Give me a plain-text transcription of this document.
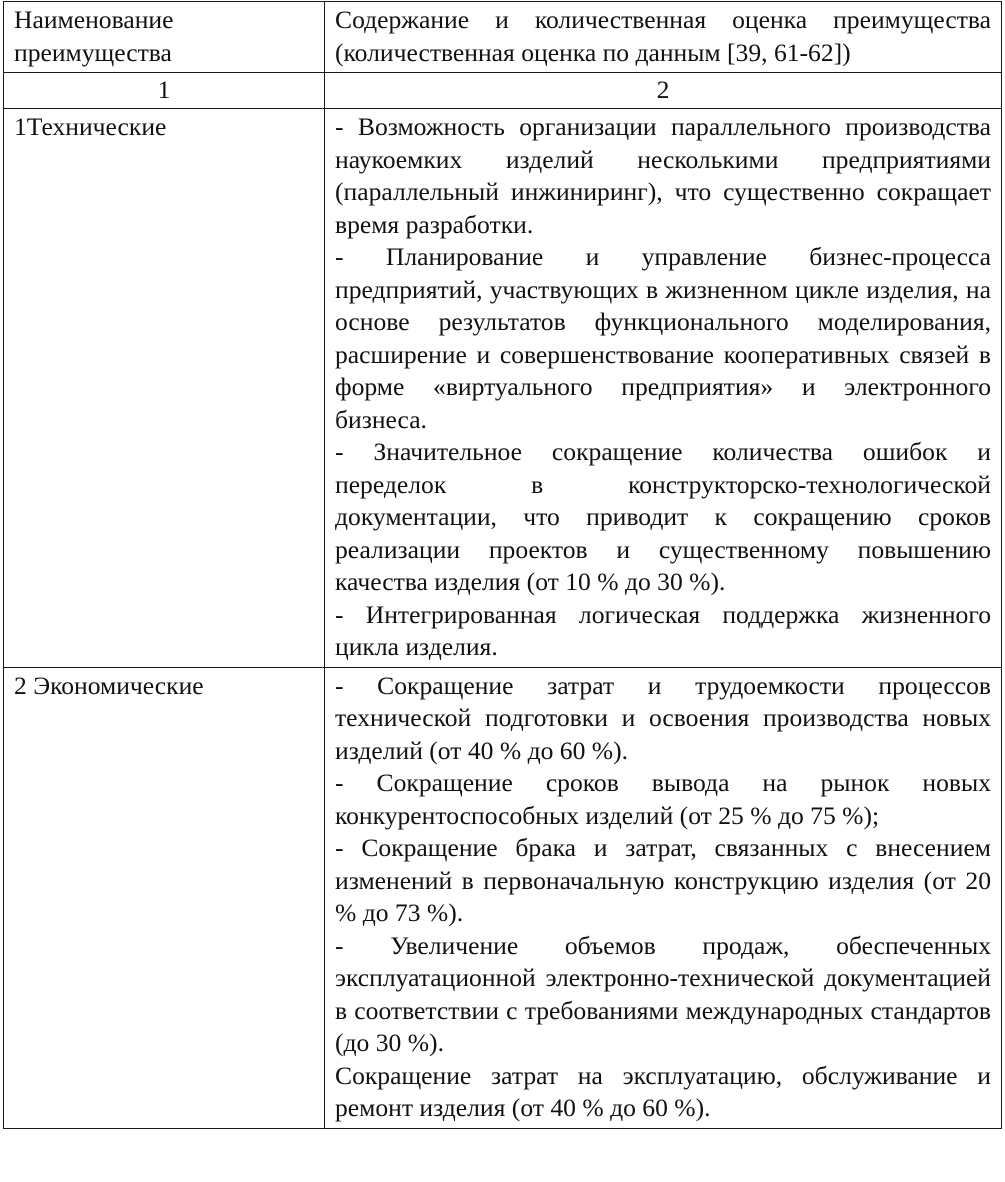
Наименование преимущества	Содержание и количественная оценка преимущества (количественная оценка по данным [39, 61-62])

1	2

1Технические	- Возможность организации параллельного производства наукоемких изделий несколькими предприятиями (параллельный инжиниринг), что существенно сокращает время разработки.

- Планирование и управление бизнес-процесса предприятий, участвующих в жизненном цикле изделия, на основе результатов функционального моделирования, расширение и совершенствование кооперативных связей в форме «виртуального предприятия» и электронного бизнеса.

- Значительное сокращение количества ошибок и переделок в конструкторско-технологической документации, что приводит к сокращению сроков реализации проектов и существенному повышению качества изделия (от 10 % до 30 %).

- Интегрированная логическая поддержка жизненного цикла изделия.

2 Экономические	- Сокращение затрат и трудоемкости процессов технической подготовки и освоения производства новых изделий (от 40 % до 60 %).

- Сокращение сроков вывода на рынок новых конкурентоспособных изделий (от 25 % до 75 %);

- Сокращение брака и затрат, связанных с внесением изменений в первоначальную конструкцию изделия (от 20 % до 73 %).

- Увеличение объемов продаж, обеспеченных эксплуатационной электронно-технической документацией в соответствии с требованиями международных стандартов (до 30 %).

Сокращение затрат на эксплуатацию, обслуживание и ремонт изделия (от 40 % до 60 %).
